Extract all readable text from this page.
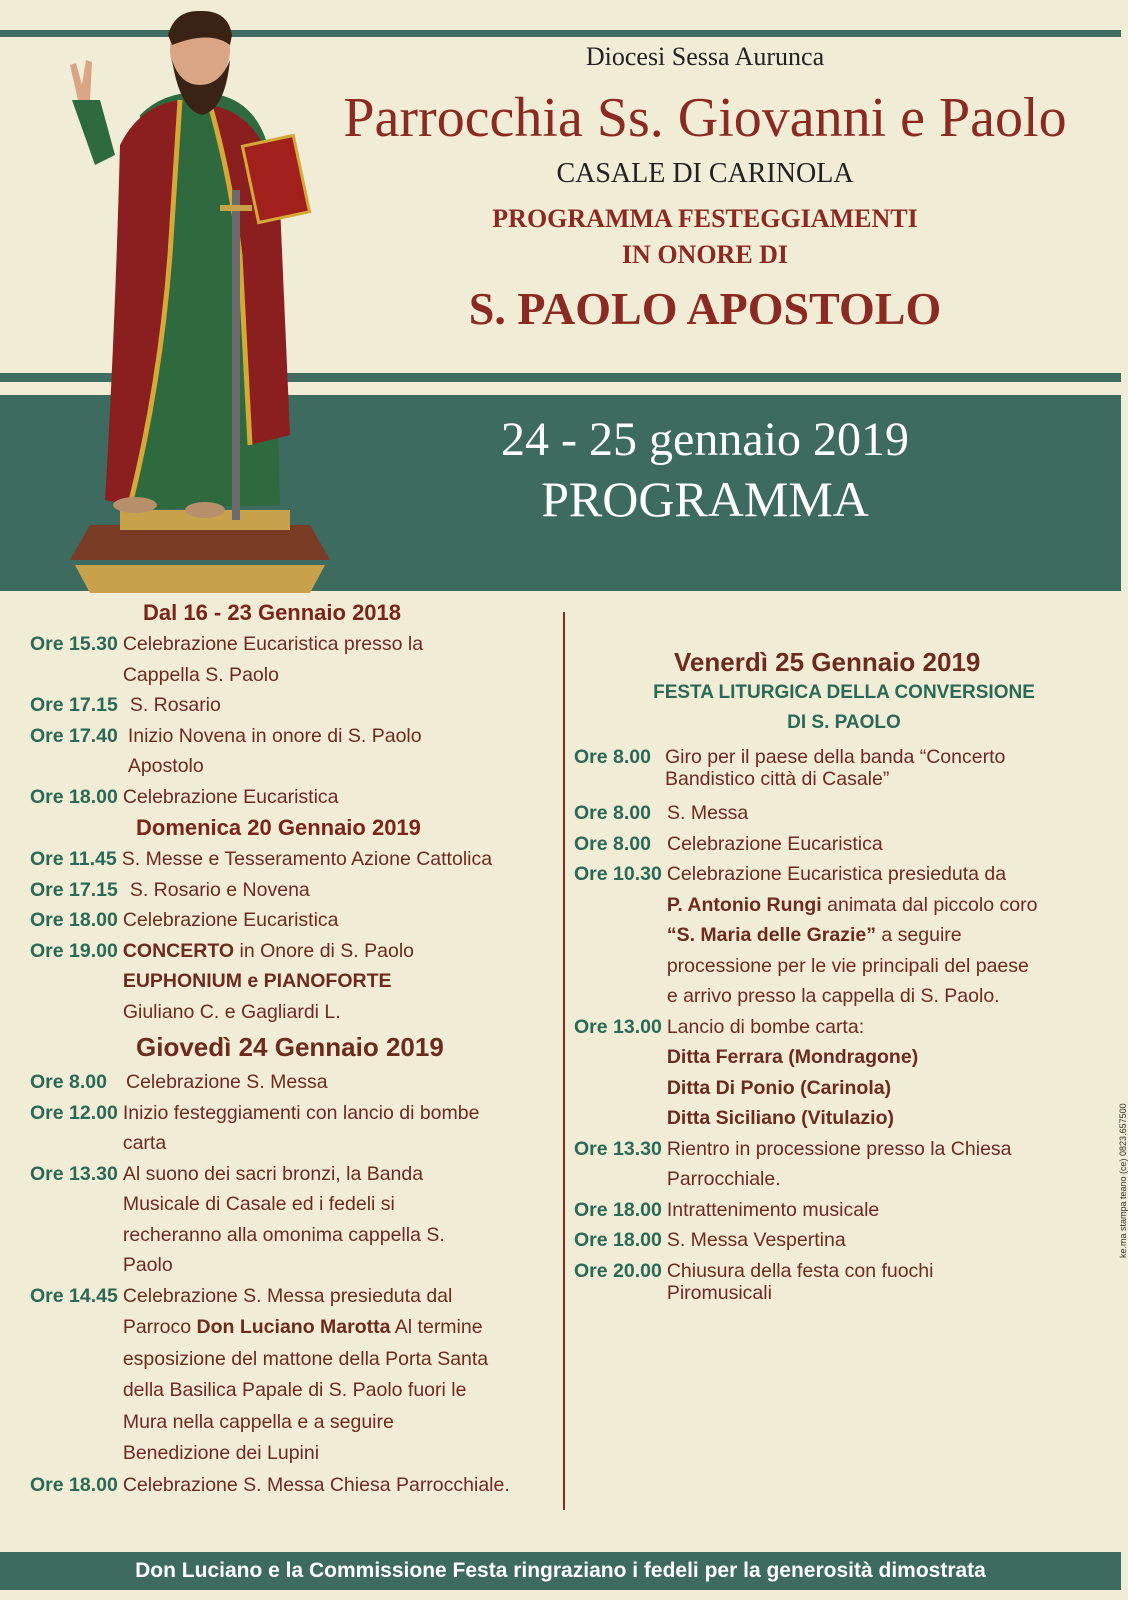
Diocesi Sessa Aurunca
Parrocchia Ss. Giovanni e Paolo
CASALE DI CARINOLA
PROGRAMMA FESTEGGIAMENTI
IN ONORE DI
S. PAOLO APOSTOLO
24 - 25 gennaio 2019
PROGRAMMA
Dal 16 - 23 Gennaio 2018
Ore 15.30 Celebrazione Eucaristica presso la
Cappella S. Paolo
Ore 17.15 S. Rosario
Ore 17.40 Inizio Novena in onore di S. Paolo
Apostolo
Ore 18.00 Celebrazione Eucaristica
Domenica 20 Gennaio 2019
Ore 11.45 S. Messe e Tesseramento Azione Cattolica
Ore 17.15 S. Rosario e Novena
Ore 18.00 Celebrazione Eucaristica
Ore 19.00 CONCERTO in Onore di S. Paolo
EUPHONIUM e PIANOFORTE
Giuliano C. e Gagliardi L.
Giovedì 24 Gennaio 2019
Ore 8.00 Celebrazione S. Messa
Ore 12.00 Inizio festeggiamenti con lancio di bombe
carta
Ore 13.30 Al suono dei sacri bronzi, la Banda
Musicale di Casale ed i fedeli si
recheranno alla omonima cappella S.
Paolo
Ore 14.45 Celebrazione S. Messa presieduta dal
Parroco Don Luciano Marotta Al termine
esposizione del mattone della Porta Santa
della Basilica Papale di S. Paolo fuori le
Mura nella cappella e a seguire
Benedizione dei Lupini
Ore 18.00 Celebrazione S. Messa Chiesa Parrocchiale.
Venerdì 25 Gennaio 2019
FESTA LITURGICA DELLA CONVERSIONE
DI S. PAOLO
Ore 8.00 Giro per il paese della banda “Concerto
Bandistico città di Casale”
Ore 8.00 S. Messa
Ore 8.00 Celebrazione Eucaristica
Ore 10.30 Celebrazione Eucaristica presieduta da
P. Antonio Rungi animata dal piccolo coro
“S. Maria delle Grazie” a seguire
processione per le vie principali del paese
e arrivo presso la cappella di S. Paolo.
Ore 13.00 Lancio di bombe carta:
Ditta Ferrara (Mondragone)
Ditta Di Ponio (Carinola)
Ditta Siciliano (Vitulazio)
Ore 13.30 Rientro in processione presso la Chiesa
Parrocchiale.
Ore 18.00 Intrattenimento musicale
Ore 18.00 S. Messa Vespertina
Ore 20.00 Chiusura della festa con fuochi
Piromusicali
ke.ma stampa teano (ce) 0823.657500
Don Luciano e la Commissione Festa ringraziano i fedeli per la generosità dimostrata
